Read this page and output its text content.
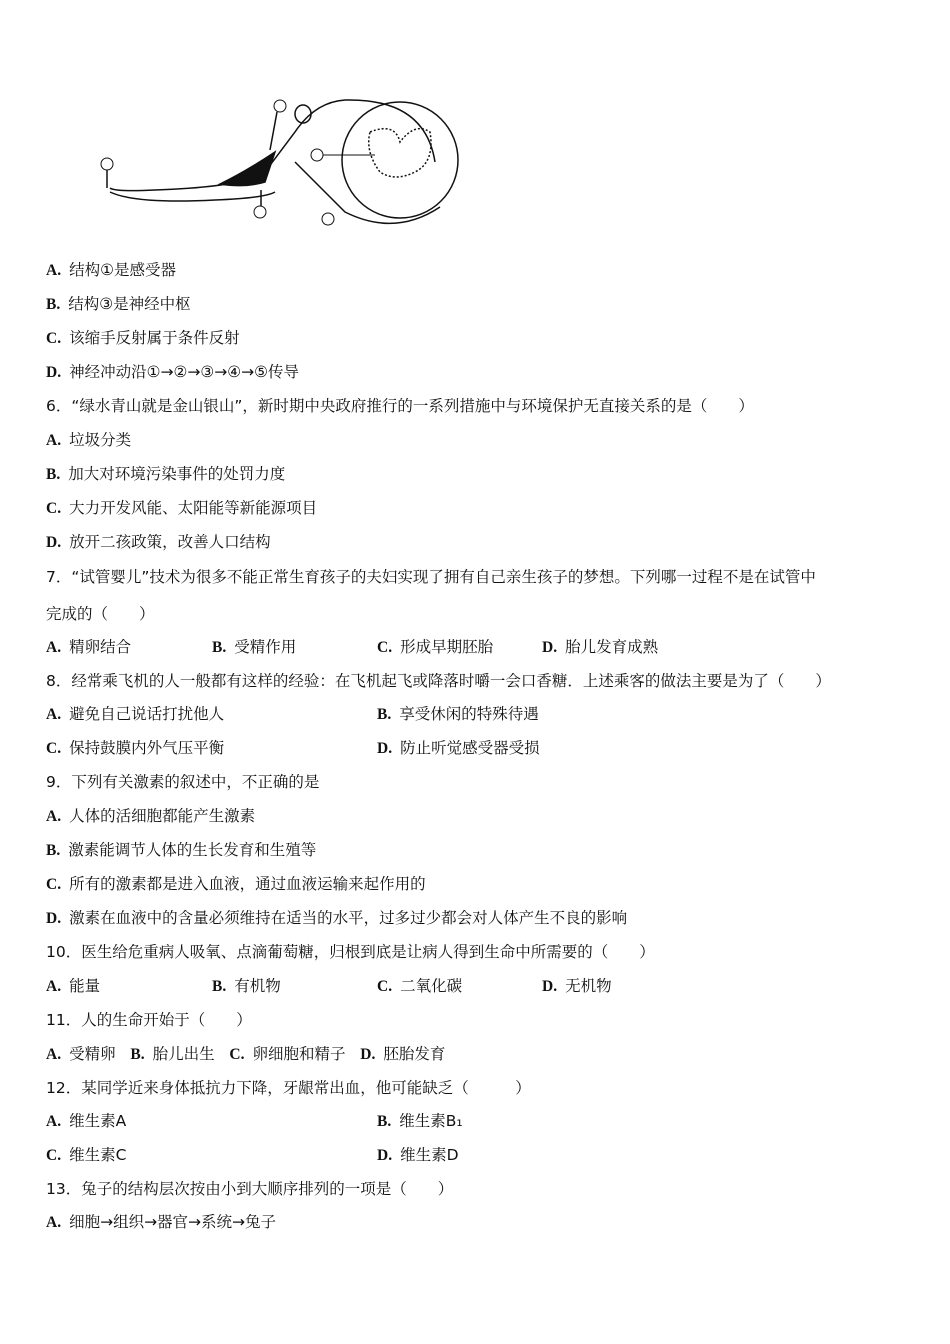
A. 结构①是感受器
B. 结构③是神经中枢
C. 该缩手反射属于条件反射
D. 神经冲动沿①→②→③→④→⑤传导
6．“绿水青山就是金山银山”，新时期中央政府推行的一系列措施中与环境保护无直接关系的是（　　）
A. 垃圾分类
B. 加大对环境污染事件的处罚力度
C. 大力开发风能、太阳能等新能源项目
D. 放开二孩政策，改善人口结构
7．“试管婴儿”技术为很多不能正常生育孩子的夫妇实现了拥有自己亲生孩子的梦想。下列哪一过程不是在试管中
完成的（　　）
A. 精卵结合	B. 受精作用	C. 形成早期胚胎	D. 胎儿发育成熟
8．经常乘飞机的人一般都有这样的经验：在飞机起飞或降落时嚼一会口香糖．上述乘客的做法主要是为了（　　）
A. 避免自己说话打扰他人	B. 享受休闲的特殊待遇
C. 保持鼓膜内外气压平衡	D. 防止听觉感受器受损
9．下列有关激素的叙述中，不正确的是
A. 人体的活细胞都能产生激素
B. 激素能调节人体的生长发育和生殖等
C. 所有的激素都是进入血液，通过血液运输来起作用的
D. 激素在血液中的含量必须维持在适当的水平，过多过少都会对人体产生不良的影响
10．医生给危重病人吸氧、点滴葡萄糖，归根到底是让病人得到生命中所需要的（　　）
A. 能量	B. 有机物	C. 二氧化碳	D. 无机物
11．人的生命开始于（　　）
A. 受精卵 B. 胎儿出生 C. 卵细胞和精子 D. 胚胎发育
12．某同学近来身体抵抗力下降，牙龈常出血，他可能缺乏（　　　）
A. 维生素A	B. 维生素B₁
C. 维生素C	D. 维生素D
13．兔子的结构层次按由小到大顺序排列的一项是（　　）
A. 细胞→组织→器官→系统→兔子
